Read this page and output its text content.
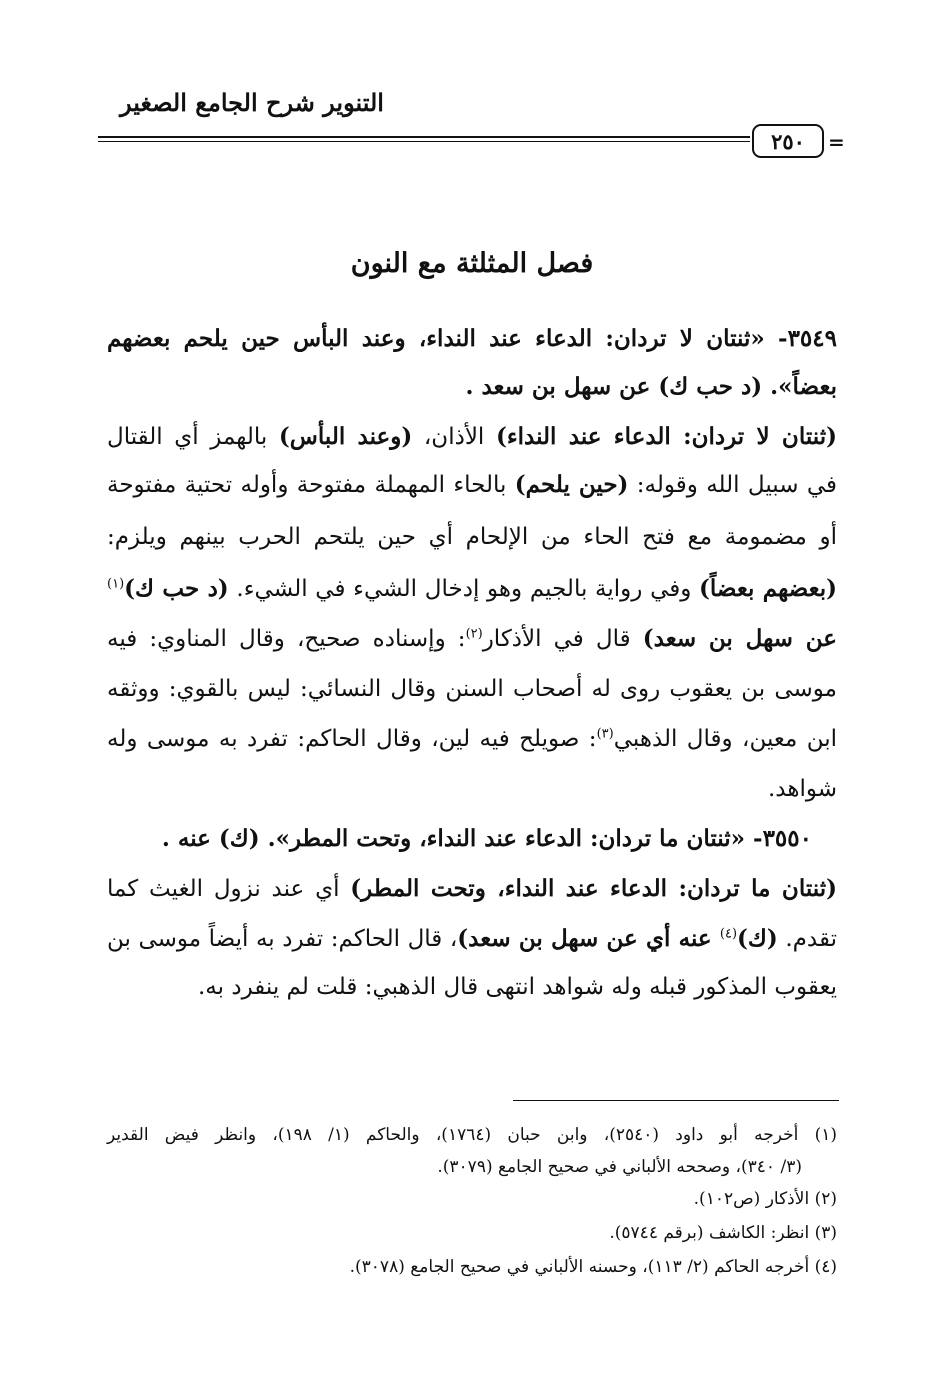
التنوير شرح الجامع الصغير
٢٥٠ =
فصل المثلثة مع النون
٣٥٤٩- «ثنتان لا تردان: الدعاء عند النداء، وعند البأس حين يلحم بعضهم
بعضاً». (د حب ك) عن سهل بن سعد .
(ثنتان لا تردان: الدعاء عند النداء) الأذان، (وعند البأس) بالهمز أي القتال
في سبيل الله وقوله: (حين يلحم) بالحاء المهملة مفتوحة وأوله تحتية مفتوحة
أو مضمومة مع فتح الحاء من الإلحام أي حين يلتحم الحرب بينهم ويلزم:
(بعضهم بعضاً) وفي رواية بالجيم وهو إدخال الشيء في الشيء. (د حب ك)$^{(١)}$
عن سهل بن سعد) قال في الأذكار$^{(٢)}$: وإسناده صحيح، وقال المناوي: فيه
موسى بن يعقوب روى له أصحاب السنن وقال النسائي: ليس بالقوي: ووثقه
ابن معين، وقال الذهبي$^{(٣)}$: صويلح فيه لين، وقال الحاكم: تفرد به موسى وله
شواهد.
٣٥٥٠- «ثنتان ما تردان: الدعاء عند النداء، وتحت المطر». (ك) عنه .
(ثنتان ما تردان: الدعاء عند النداء، وتحت المطر) أي عند نزول الغيث كما
تقدم. (ك)$^{(٤)}$ عنه أي عن سهل بن سعد)، قال الحاكم: تفرد به أيضاً موسى بن
يعقوب المذكور قبله وله شواهد انتهى قال الذهبي: قلت لم ينفرد به.
(١) أخرجه أبو داود (٢٥٤٠)، وابن حبان (١٧٦٤)، والحاكم (١/ ١٩٨)، وانظر فيض القدير
(٣/ ٣٤٠)، وصححه الألباني في صحيح الجامع (٣٠٧٩).
(٢) الأذكار (ص١٠٢).
(٣) انظر: الكاشف (برقم ٥٧٤٤).
(٤) أخرجه الحاكم (٢/ ١١٣)، وحسنه الألباني في صحيح الجامع (٣٠٧٨).
